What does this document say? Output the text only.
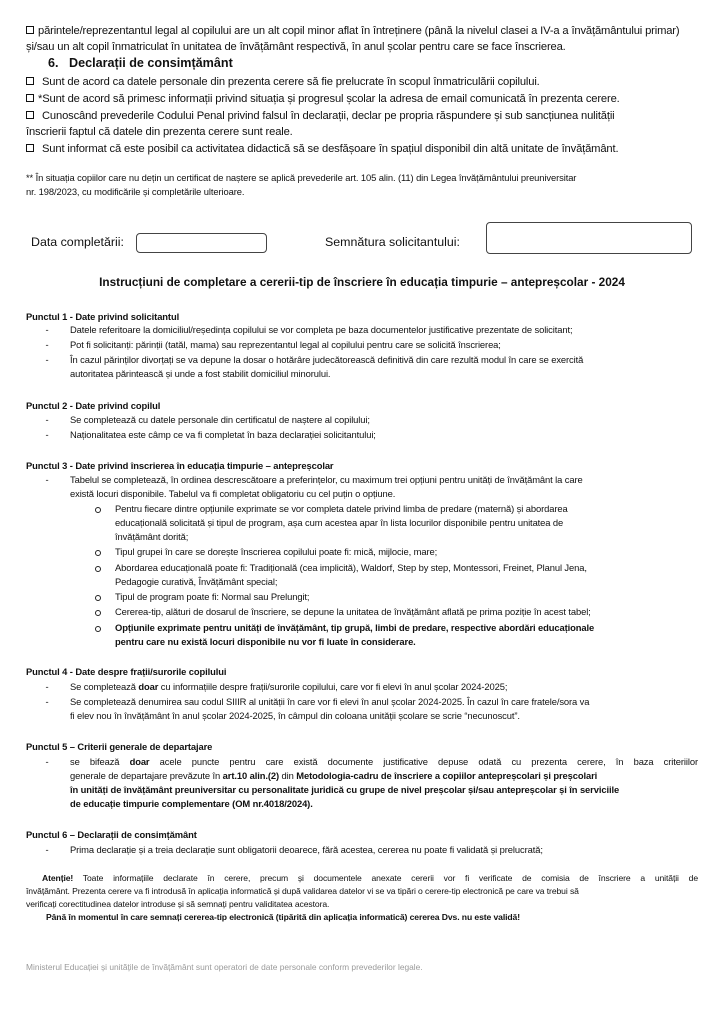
părintele/reprezentantul legal al copilului are un alt copil minor aflat în întreținere (până la nivelul clasei a IV-a a învățământului primar)
și/sau un alt copil înmatriculat în unitatea de învățământ respectivă, în anul școlar pentru care se face înscrierea.
6.   Declarații de consimțământ
Sunt de acord ca datele personale din prezenta cerere să fie prelucrate în scopul înmatriculării copilului.
*Sunt de acord să primesc informații privind situația și progresul școlar la adresa de email comunicată în prezenta cerere.
Cunoscând prevederile Codului Penal privind falsul în declarații, declar pe propria răspundere și sub sancțiunea nulității
înscrierii faptul că datele din prezenta cerere sunt reale.
Sunt informat că este posibil ca activitatea didactică să se desfășoare în spațiul disponibil din altă unitate de învățământ.
** În situația copiilor care nu dețin un certificat de naștere se aplică prevederile art. 105 alin. (11) din Legea învățământului preuniversitar
nr. 198/2023, cu modificările și completările ulterioare.
Data completării:	Semnătura solicitantului:
Instrucțiuni de completare a cererii-tip de înscriere în educația timpurie – antepreșcolar - 2024
Punctul 1 - Date privind solicitantul
- Datele referitoare la domiciliul/reședința copilului se vor completa pe baza documentelor justificative prezentate de solicitant;
- Pot fi solicitanți: părinții (tatăl, mama) sau reprezentantul legal al copilului pentru care se solicită înscrierea;
- În cazul părinților divorțați se va depune la dosar o hotărâre judecătorească definitivă din care rezultă modul în care se exercită
autoritatea părintească și unde a fost stabilit domiciliul minorului.
Punctul 2 - Date privind copilul
- Se completează cu datele personale din certificatul de naștere al copilului;
- Naționalitatea este câmp ce va fi completat în baza declarației solicitantului;
Punctul 3 - Date privind înscrierea în educația timpurie – antepreșcolar
- Tabelul se completează, în ordinea descrescătoare a preferințelor, cu maximum trei opțiuni pentru unități de învățământ la care
există locuri disponibile. Tabelul va fi completat obligatoriu cu cel puțin o opțiune.
Pentru fiecare dintre opțiunile exprimate se vor completa datele privind limba de predare (maternă) și abordarea
educațională solicitată și tipul de program, așa cum acestea apar în lista locurilor disponibile pentru unitatea de
învățământ dorită;
Tipul grupei în care se dorește înscrierea copilului poate fi: mică, mijlocie, mare;
Abordarea educațională poate fi: Tradițională (cea implicită), Waldorf, Step by step, Montessori, Freinet, Planul Jena,
Pedagogie curativă, Învățământ special;
Tipul de program poate fi: Normal sau Prelungit;
Cererea-tip, alături de dosarul de înscriere, se depune la unitatea de învățământ aflată pe prima poziție în acest tabel;
Opțiunile exprimate pentru unități de învățământ, tip grupă, limbi de predare, respective abordări educaționale
pentru care nu există locuri disponibile nu vor fi luate în considerare.
Punctul 4 - Date despre frații/surorile copilului
- Se completează doar cu informațiile despre frații/surorile copilului, care vor fi elevi în anul școlar 2024-2025;
- Se completează denumirea sau codul SIIIR al unității în care vor fi elevi în anul școlar 2024-2025. În cazul în care fratele/sora va
fi elev nou în învățământ în anul școlar 2024-2025, în câmpul din coloana unității școlare se scrie “necunoscut”.
Punctul 5 – Criterii generale de departajare
- se bifează doar acele puncte pentru care există documente justificative depuse odată cu prezenta cerere, în baza criteriilor
generale de departajare prevăzute în art.10 alin.(2) din Metodologia-cadru de înscriere a copiilor antepreșcolari și preșcolari
în unități de învățământ preuniversitar cu personalitate juridică cu grupe de nivel preșcolar și/sau antepreșcolar și în serviciile
de educație timpurie complementare (OM nr.4018/2024).
Punctul 6 – Declarații de consimțământ
- Prima declarație și a treia declarație sunt obligatorii deoarece, fără acestea, cererea nu poate fi validată și prelucrată;
Atenție! Toate informațiile declarate în cerere, precum și documentele anexate cererii vor fi verificate de comisia de înscriere a unității de
învățământ. Prezenta cerere va fi introdusă în aplicația informatică și după validarea datelor vi se va tipări o cerere-tip electronică pe care va trebui să
verificați corectitudinea datelor introduse și să semnați pentru validitatea acestora.
Până în momentul în care semnați cererea-tip electronică (tipărită din aplicația informatică) cererea Dvs. nu este validă!
Ministerul Educației și unitățile de învățământ sunt operatori de date personale conform prevederilor legale.
